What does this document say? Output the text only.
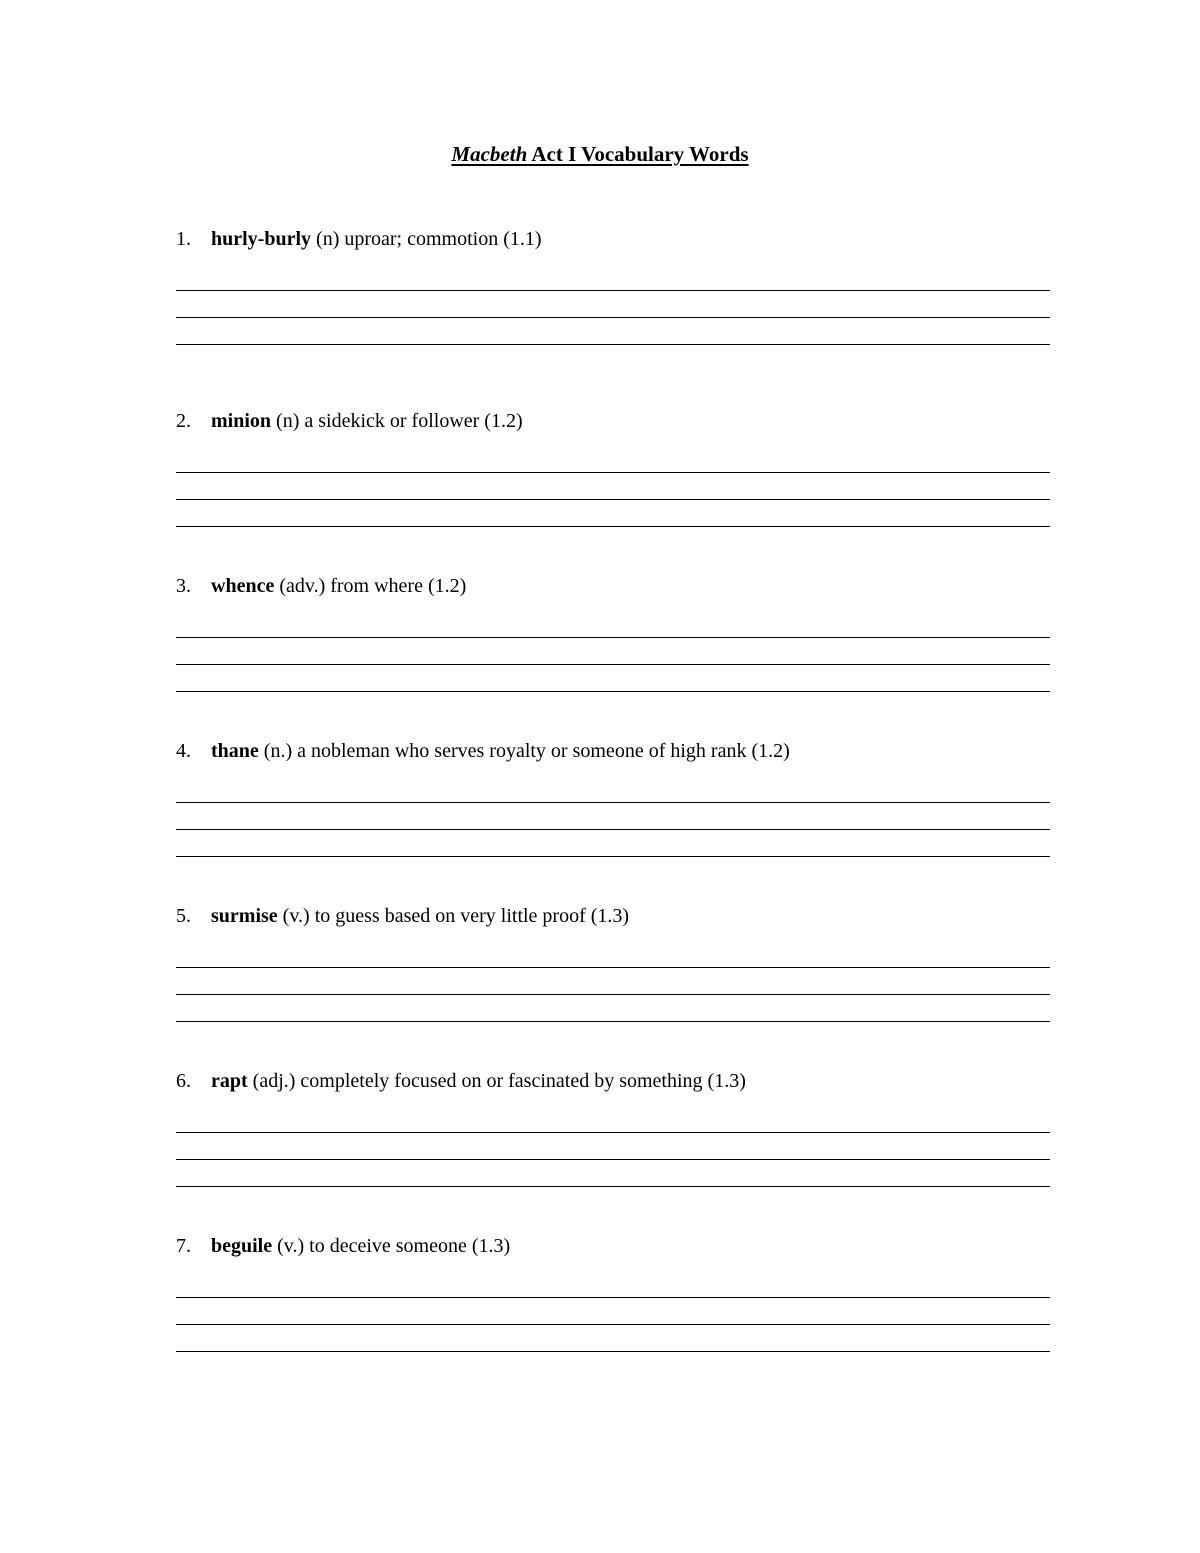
Macbeth Act I Vocabulary Words
1. hurly-burly (n) uproar; commotion (1.1)
2. minion (n) a sidekick or follower (1.2)
3. whence (adv.) from where (1.2)
4. thane (n.) a nobleman who serves royalty or someone of high rank (1.2)
5. surmise (v.) to guess based on very little proof (1.3)
6. rapt (adj.) completely focused on or fascinated by something (1.3)
7. beguile (v.) to deceive someone (1.3)
